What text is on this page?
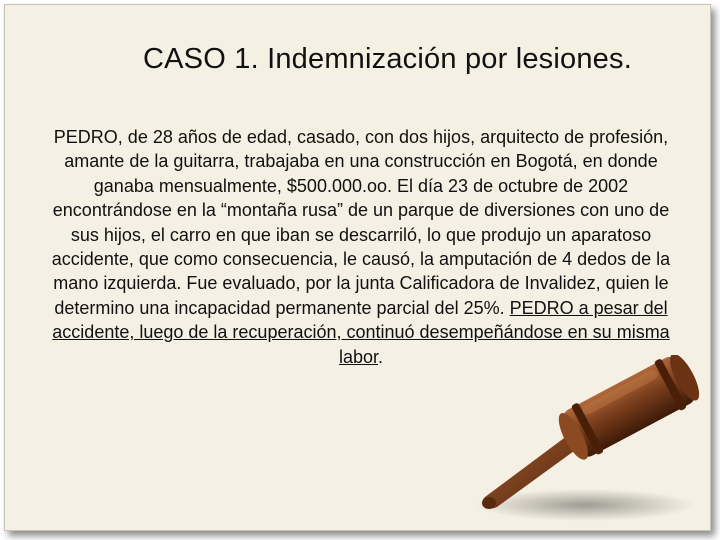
CASO 1. Indemnización por lesiones.
PEDRO, de 28 años de edad, casado, con dos hijos, arquitecto de profesión, amante de la guitarra, trabajaba en una construcción en Bogotá, en donde ganaba mensualmente, $500.000.oo. El día 23 de octubre de 2002 encontrándose en la “montaña rusa” de un parque de diversiones con uno de sus hijos, el carro en que iban se descarriló, lo que produjo un aparatoso accidente, que como consecuencia, le causó, la amputación de 4 dedos de la mano izquierda. Fue evaluado, por la junta Calificadora de Invalidez, quien le determino una incapacidad permanente parcial del 25%. PEDRO a pesar del accidente, luego de la recuperación, continuó desempeñándose en su misma labor.
